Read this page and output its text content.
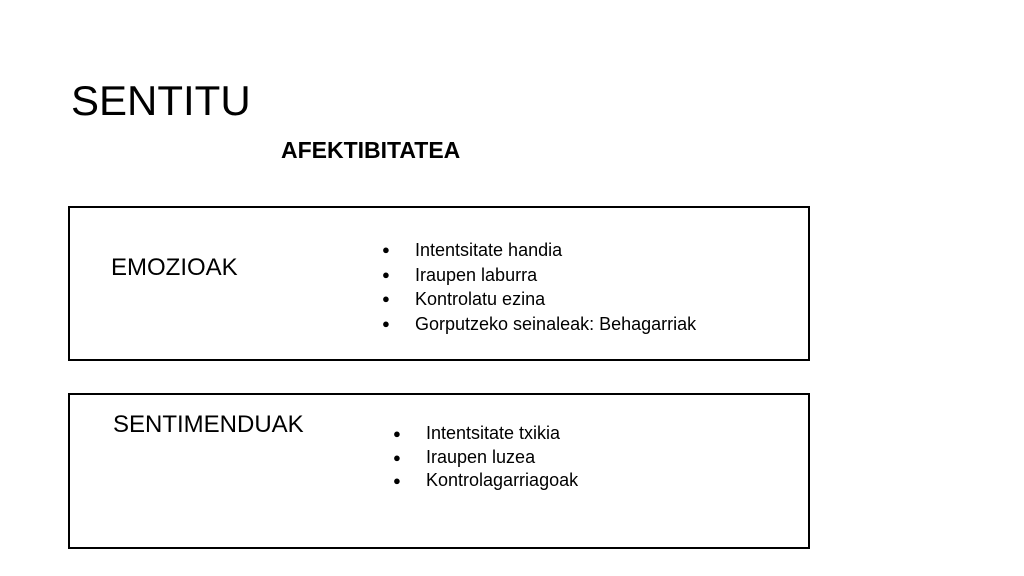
SENTITU
AFEKTIBITATEA
EMOZIOAK
● Intentsitate handia
● Iraupen laburra
● Kontrolatu ezina
● Gorputzeko seinaleak: Behagarriak
SENTIMENDUAK	● Intentsitate txikia
● Iraupen luzea
● Kontrolagarriagoak
